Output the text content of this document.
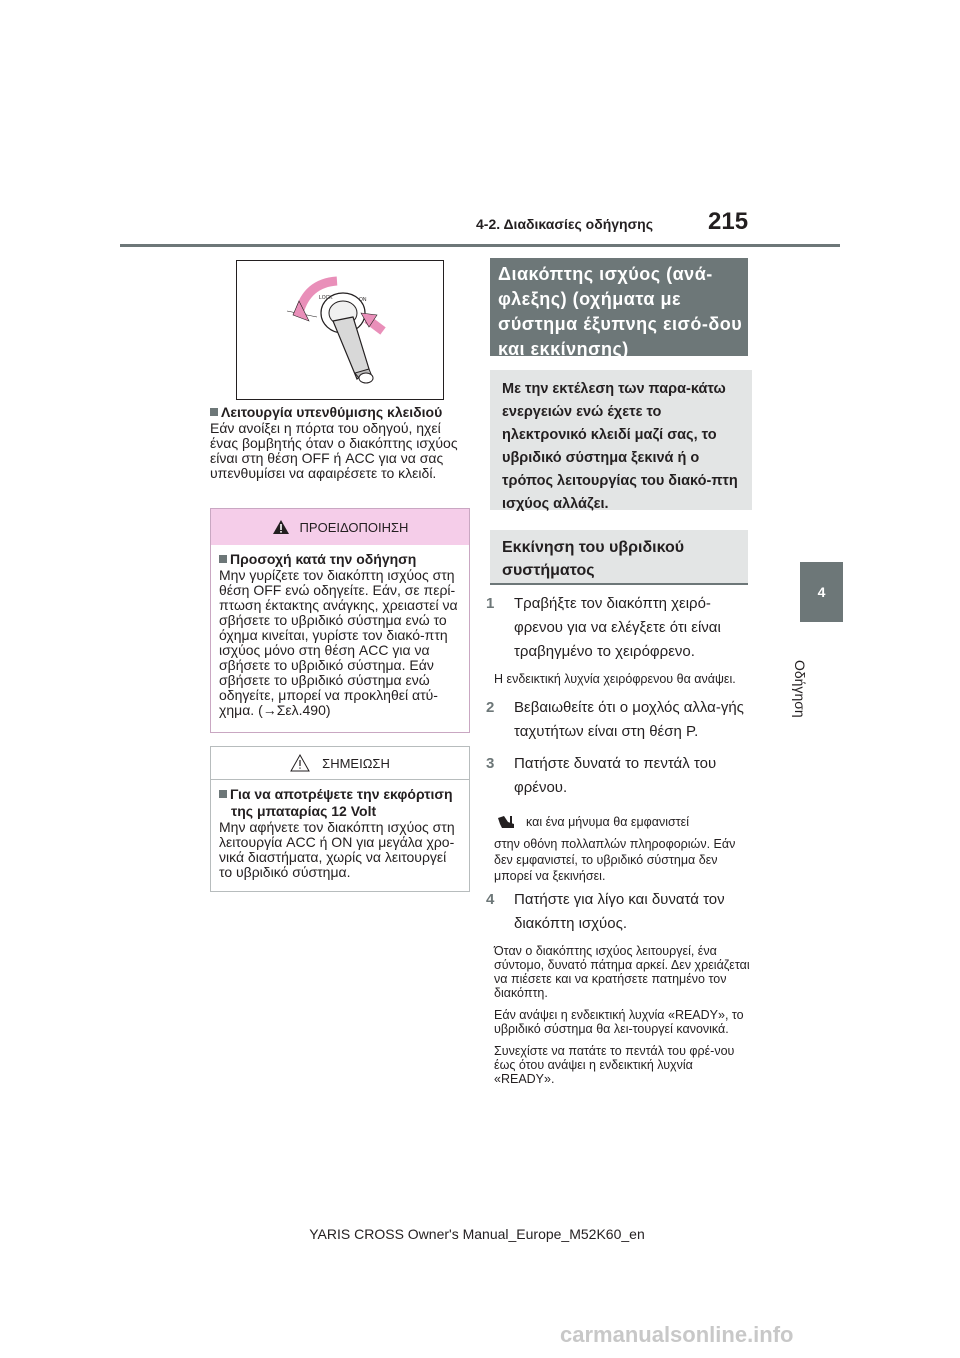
4-2. Διαδικασίες οδήγησης 215
4
Οδήγηση
LOCK	ON
Λειτουργία υπενθύμισης κλειδιού
Εάν ανοίξει η πόρτα του οδηγού, ηχεί ένας βομβητής όταν ο διακόπτης ισχύος είναι στη θέση OFF ή ACC για να σας υπενθυμίσει να αφαιρέσετε το κλειδί.
ΠΡΟΕΙΔΟΠΟΙΗΣΗ
Προσοχή κατά την οδήγηση
Μην γυρίζετε τον διακόπτη ισχύος στη θέση OFF ενώ οδηγείτε. Εάν, σε περί-πτωση έκτακτης ανάγκης, χρειαστεί να σβήσετε το υβριδικό σύστημα ενώ το όχημα κινείται, γυρίστε τον διακό-πτη ισχύος μόνο στη θέση ACC για να σβήσετε το υβριδικό σύστημα. Εάν σβήσετε το υβριδικό σύστημα ενώ οδηγείτε, μπορεί να προκληθεί ατύ-χημα. (→Σελ.490)
ΣΗΜΕΙΩΣΗ
Για να αποτρέψετε την εκφόρτιση της μπαταρίας 12 Volt
Μην αφήνετε τον διακόπτη ισχύος στη λειτουργία ACC ή ON για μεγάλα χρο-νικά διαστήματα, χωρίς να λειτουργεί το υβριδικό σύστημα.
Διακόπτης ισχύος (ανά-φλεξης) (οχήματα με σύστημα έξυπνης εισό-δου και εκκίνησης)
Με την εκτέλεση των παρα-κάτω ενεργειών ενώ έχετε το ηλεκτρονικό κλειδί μαζί σας, το υβριδικό σύστημα ξεκινά ή ο τρόπος λειτουργίας του διακό-πτη ισχύος αλλάζει.
Εκκίνηση του υβριδικού συστήματος
1 Τραβήξτε τον διακόπτη χειρό-φρενου για να ελέγξετε ότι είναι τραβηγμένο το χειρόφρενο.
Η ενδεικτική λυχνία χειρόφρενου θα ανάψει.
2 Βεβαιωθείτε ότι ο μοχλός αλλα-γής ταχυτήτων είναι στη θέση P.
3 Πατήστε δυνατά το πεντάλ του φρένου.
και ένα μήνυμα θα εμφανιστεί
στην οθόνη πολλαπλών πληροφοριών. Εάν δεν εμφανιστεί, το υβριδικό σύστημα δεν μπορεί να ξεκινήσει.
4 Πατήστε για λίγο και δυνατά τον διακόπτη ισχύος.
Όταν ο διακόπτης ισχύος λειτουργεί, ένα σύντομο, δυνατό πάτημα αρκεί. Δεν χρειάζεται να πιέσετε και να κρατήσετε πατημένο τον διακόπτη.
Εάν ανάψει η ενδεικτική λυχνία «READY», το υβριδικό σύστημα θα λει-τουργεί κανονικά.
Συνεχίστε να πατάτε το πεντάλ του φρέ-νου έως ότου ανάψει η ενδεικτική λυχνία «READY».
YARIS CROSS Owner's Manual_Europe_M52K60_en
carmanualsonline.info
